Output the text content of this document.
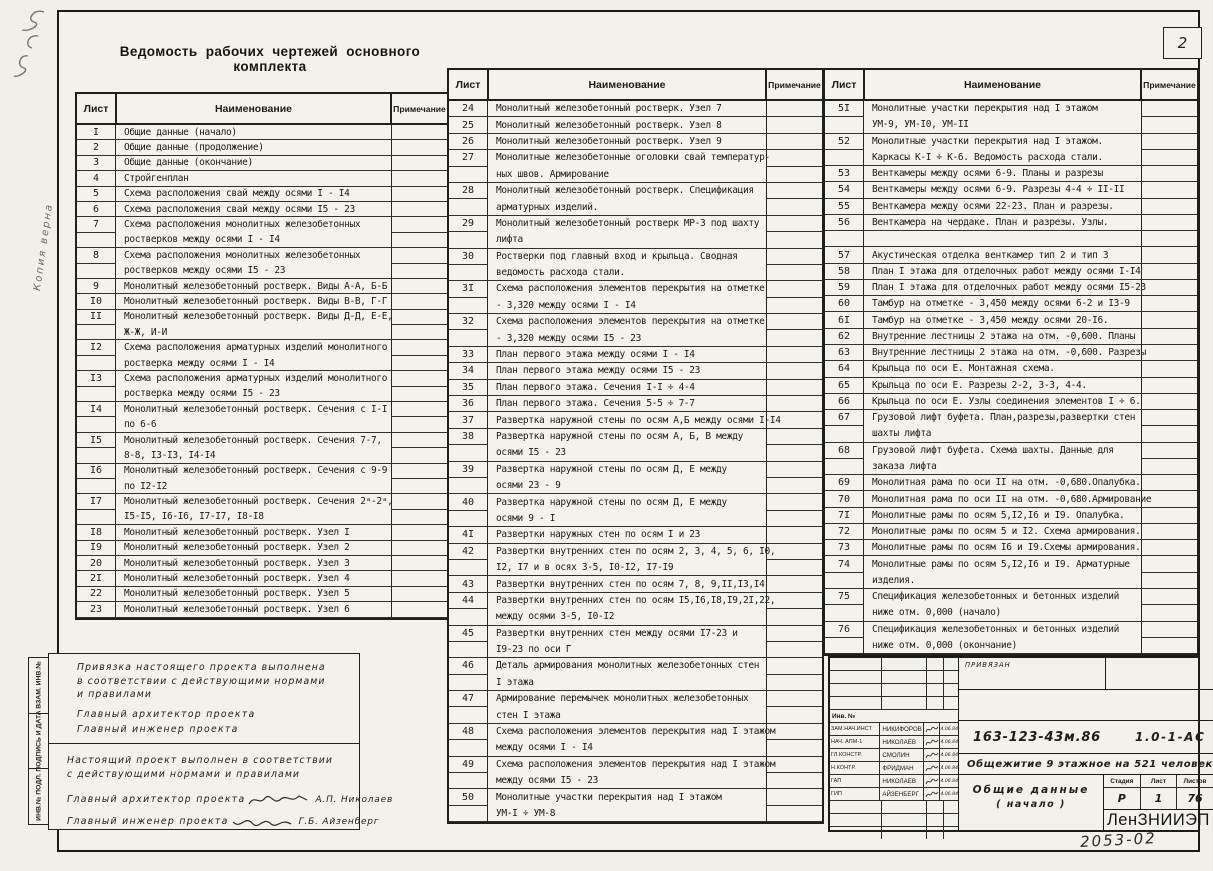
Копия верна
2
Ведомость рабочих чертежей основного комплекта
Лист	Наименование	Примечание
I	Общие данные (начало)
2	Общие данные (продолжение)
3	Общие данные (окончание)
4	Стройгенплан
5	Схема расположения свай между осями I - I4
6	Схема расположения свай между осями I5 - 23
7	Схема расположения монолитных железобетонных
ростверков между осями I - I4
8	Схема расположения монолитных железобетонных
ростверков между осями I5 - 23
9	Монолитный железобетонный ростверк. Виды А-А, Б-Б
I0	Монолитный железобетонный ростверк. Виды В-В, Г-Г
II	Монолитный железобетонный ростверк. Виды Д-Д, Е-Е,
Ж-Ж, И-И
I2	Схема расположения арматурных изделий монолитного
ростверка между осями I - I4
I3	Схема расположения арматурных изделий монолитного
ростверка между осями I5 - 23
I4	Монолитный железобетонный ростверк. Сечения с I-I
по 6-6
I5	Монолитный железобетонный ростверк. Сечения 7-7,
8-8, I3-I3, I4-I4
I6	Монолитный железобетонный ростверк. Сечения с 9-9
по I2-I2
I7	Монолитный железобетонный ростверк. Сечения 2ᵃ-2ᵃ,
I5-I5, I6-I6, I7-I7, I8-I8
I8	Монолитный железобетонный ростверк. Узел I
I9	Монолитный железобетонный ростверк. Узел 2
20	Монолитный железобетонный ростверк. Узел 3
2I	Монолитный железобетонный ростверк. Узел 4
22	Монолитный железобетонный ростверк. Узел 5
23	Монолитный железобетонный ростверк. Узел 6
Лист	Наименование	Примечание
24	Монолитный железобетонный ростверк. Узел 7
25	Монолитный железобетонный ростверк. Узел 8
26	Монолитный железобетонный ростверк. Узел 9
27	Монолитные железобетонные оголовки свай температур-
ных швов. Армирование
28	Монолитный железобетонный ростверк. Спецификация
арматурных изделий.
29	Монолитный железобетонный ростверк МР-3 под шахту
лифта
30	Ростверки под главный вход и крыльца. Сводная
ведомость расхода стали.
3I	Схема расположения элементов перекрытия на отметке
- 3,320 между осями I - I4
32	Схема расположения элементов перекрытия на отметке
- 3,320 между осями I5 - 23
33	План первого этажа между осями I - I4
34	План первого этажа между осями I5 - 23
35	План первого этажа. Сечения I-I ÷ 4-4
36	План первого этажа. Сечения 5-5 ÷ 7-7
37	Развертка наружной стены по осям А,Б между осями I-I4
38	Развертка наружной стены по осям А, Б, В между
осями I5 - 23
39	Развертка наружной стены по осям Д, Е между
осями 23 - 9
40	Развертка наружной стены по осям Д, Е между
осями 9 - I
4I	Развертки наружных стен по осям I и 23
42	Развертки внутренних стен по осям 2, 3, 4, 5, 6, I0,
I2, I7 и в осях 3-5, I0-I2, I7-I9
43	Развертки внутренних стен по осям 7, 8, 9,II,I3,I4
44	Развертки внутренних стен по осям I5,I6,I8,I9,2I,22,
между осями 3-5, I0-I2
45	Развертки внутренних стен между осями I7-23 и
I9-23 по оси Г
46	Деталь армирования монолитных железобетонных стен
I этажа
47	Армирование перемычек монолитных железобетонных
стен I этажа
48	Схема расположения элементов перекрытия над I этажом
между осями I - I4
49	Схема расположения элементов перекрытия над I этажом
между осями I5 - 23
50	Монолитные участки перекрытия над I этажом
УМ-I ÷ УМ-8
Лист	Наименование	Примечание
5I	Монолитные участки перекрытия над I этажом
УМ-9, УМ-I0, УМ-II
52	Монолитные участки перекрытия над I этажом.
Каркасы К-I ÷ К-6. Ведомость расхода стали.
53	Венткамеры между осями 6-9. Планы и разрезы
54	Венткамеры между осями 6-9. Разрезы 4-4 ÷ II-II
55	Венткамера между осями 22-23. План и разрезы.
56	Венткамера на чердаке. План и разрезы. Узлы.
57	Акустическая отделка венткамер тип 2 и тип 3
58	План I этажа для отделочных работ между осями I-I4
59	План I этажа для отделочных работ между осями I5-23
60	Тамбур на отметке - 3,450 между осями 6-2 и I3-9
6I	Тамбур на отметке - 3,450 между осями 20-I6.
62	Внутренние лестницы 2 этажа на отм. -0,600. Планы
63	Внутренние лестницы 2 этажа на отм. -0,600. Разрезы
64	Крыльца по оси Е. Монтажная схема.
65	Крыльца по оси Е. Разрезы 2-2, 3-3, 4-4.
66	Крыльца по оси Е. Узлы соединения элементов I ÷ 6.
67	Грузовой лифт буфета. План,разрезы,развертки стен
шахты лифта
68	Грузовой лифт буфета. Схема шахты. Данные для
заказа лифта
69	Монолитная рама по оси II на отм. -0,680.Опалубка.
70	Монолитная рама по оси II на отм. -0,680.Армирование
7I	Монолитные рамы по осям 5,I2,I6 и I9. Опалубка.
72	Монолитные рамы по осям 5 и I2. Схема армирования.
73	Монолитные рамы по осям I6 и I9.Схемы армирования.
74	Монолитные рамы по осям 5,I2,I6 и I9. Арматурные
изделия.
75	Спецификация железобетонных и бетонных изделий
ниже отм. 0,000 (начало)
76	Спецификация железобетонных и бетонных изделий
ниже отм. 0,000 (окончание)
ВЗАМ. ИНВ.№
ПОДПИСЬ И ДАТА
ИНВ.№ ПОДЛ.
Привязка настоящего проекта выполнена
в соответствии с действующими нормами
и правилами
Главный архитектор проекта
Главный инженер проекта
Настоящий проект выполнен в соответствии
с действующими нормами и правилами
Главный архитектор проекта	А.П. Николаев
Главный инженер проекта	Г.Б. Айзенберг
Инв. №
ЗАМ.НАЧ.ИНСТ	НИКИФОРОВ	4.06.84
НАЧ. АПМ-1	НИКОЛАЕВ	4.06.84
ГЛ.КОНСТР.	СМОЛИН	4.06.84
Н.КОНТР.	ФРИДМАН	4.06.84
ГАП	НИКОЛАЕВ	4.06.84
ГИП	АЙЗЕНБЕРГ	4.06.84
ПРИВЯЗАН
163-123-43м.86	1.0-1-АС
Общежитие 9 этажное на 521 человек
Общие данные
( начало )
Стадия	Лист	Листов
Р	1	76
ЛенЗНИИЭП
2053-02
